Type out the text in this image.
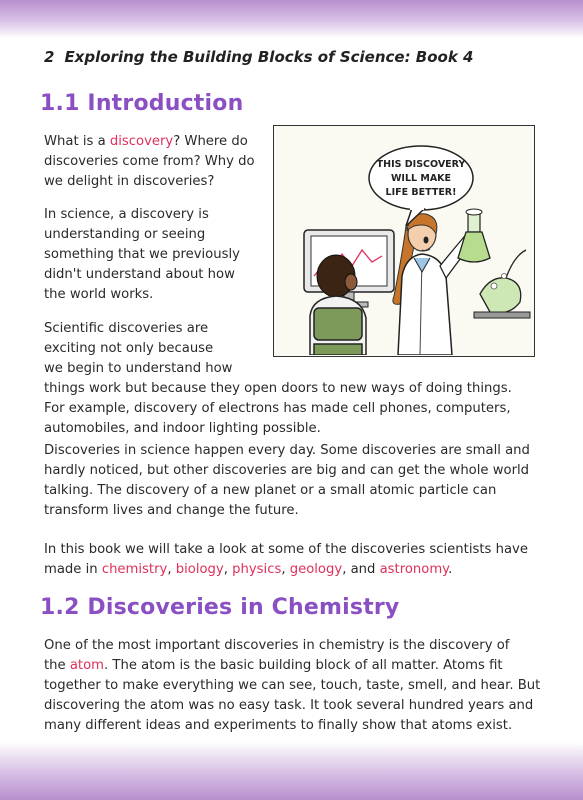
2 Exploring the Building Blocks of Science: Book 4
1.1 Introduction

What is a discovery? Where do
discoveries come from? Why do
we delight in discoveries?

In science, a discovery is
understanding or seeing
something that we previously
didn't understand about how
the world works.

Scientific discoveries are
exciting not only because
we begin to understand how
things work but because they open doors to new ways of doing things.
For example, discovery of electrons has made cell phones, computers,
automobiles, and indoor lighting possible.

Discoveries in science happen every day. Some discoveries are small and
hardly noticed, but other discoveries are big and can get the whole world
talking. The discovery of a new planet or a small atomic particle can
transform lives and change the future.

In this book we will take a look at some of the discoveries scientists have
made in chemistry, biology, physics, geology, and astronomy.

1.2 Discoveries in Chemistry

One of the most important discoveries in chemistry is the discovery of
the atom. The atom is the basic building block of all matter. Atoms fit
together to make everything we can see, touch, taste, smell, and hear. But
discovering the atom was no easy task. It took several hundred years and
many different ideas and experiments to finally show that atoms exist.

THIS DISCOVERY
WILL MAKE
LIFE BETTER!
